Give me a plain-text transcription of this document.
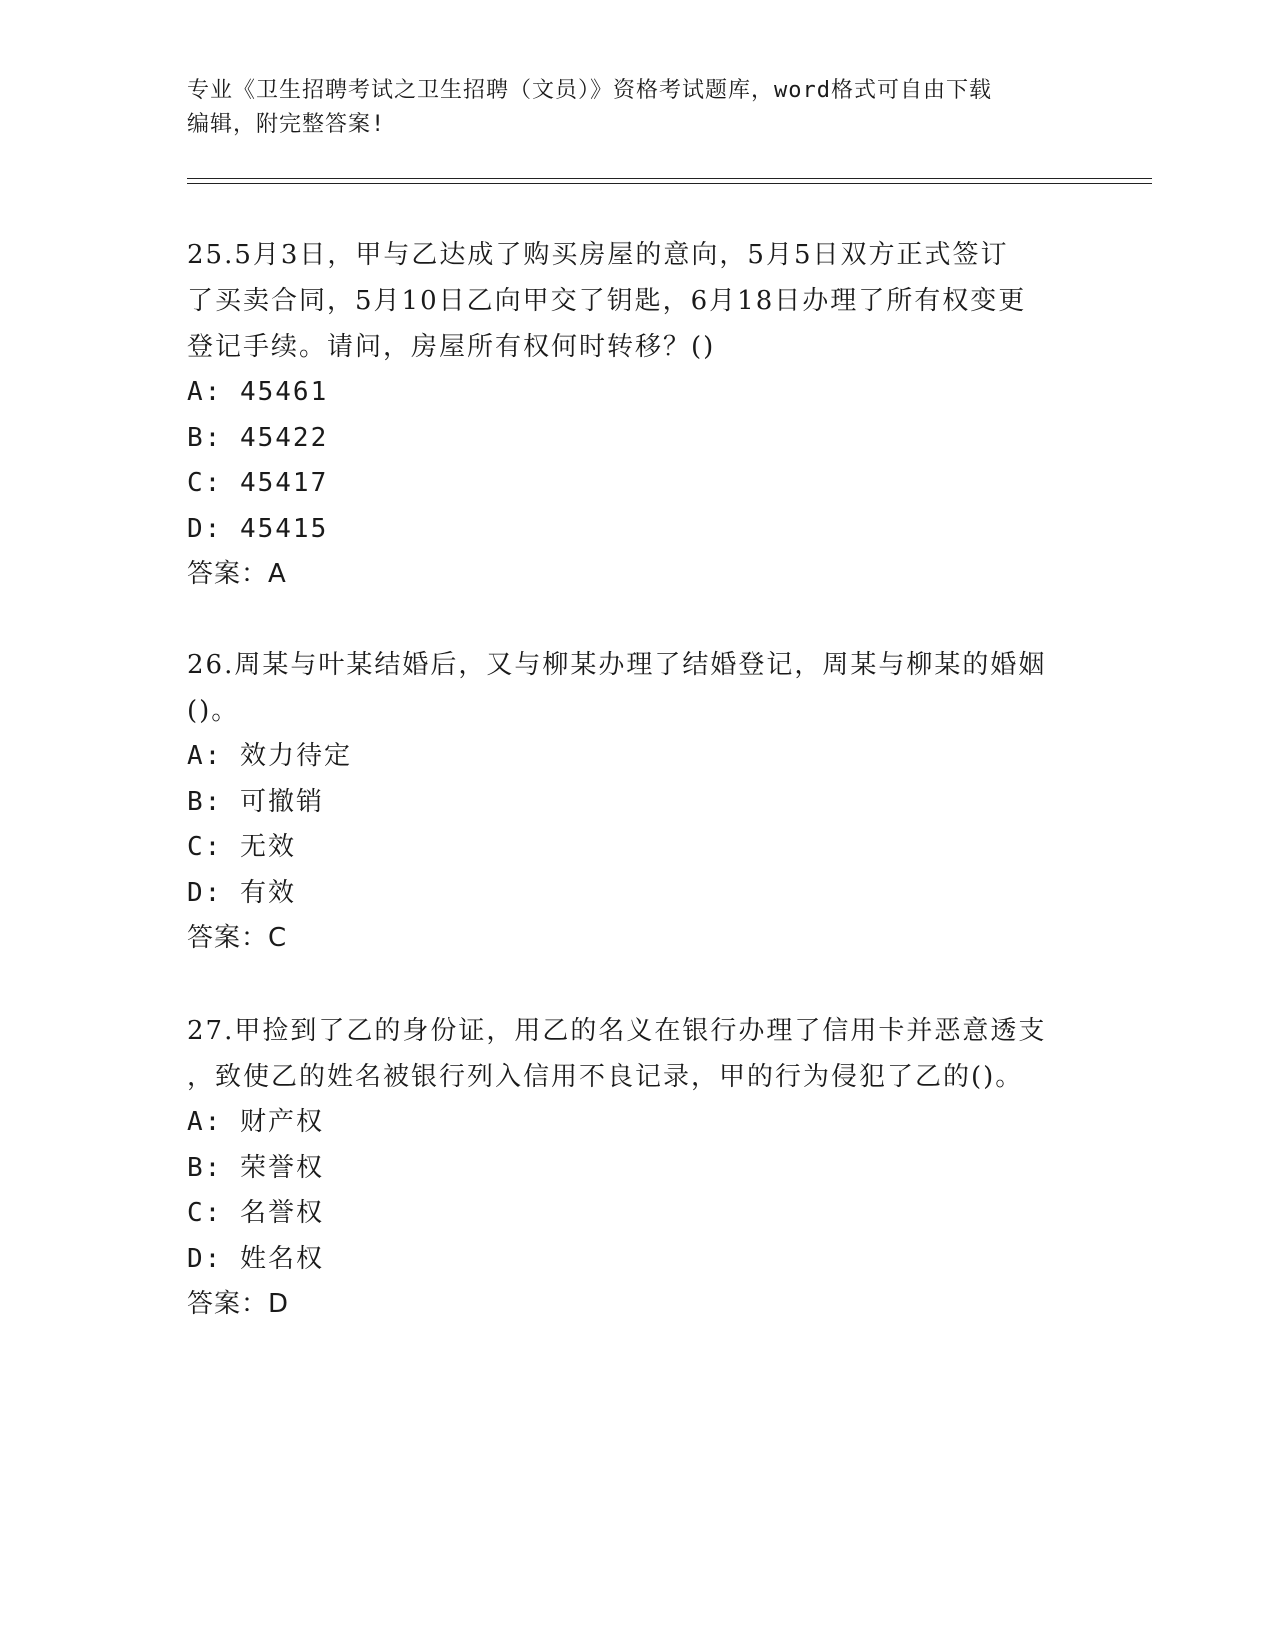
专业《卫生招聘考试之卫生招聘（文员）》资格考试题库，word格式可自由下载
编辑，附完整答案!

25.5月3日，甲与乙达成了购买房屋的意向，5月5日双方正式签订

了买卖合同，5月10日乙向甲交了钥匙，6月18日办理了所有权变更

登记手续。请问，房屋所有权何时转移？()

A: 45461

B: 45422

C: 45417

D: 45415

答案：A

26.周某与叶某结婚后，又与柳某办理了结婚登记，周某与柳某的婚姻

()。

A: 效力待定

B: 可撤销

C: 无效

D: 有效

答案：C

27.甲捡到了乙的身份证，用乙的名义在银行办理了信用卡并恶意透支

，致使乙的姓名被银行列入信用不良记录，甲的行为侵犯了乙的()。

A: 财产权

B: 荣誉权

C: 名誉权

D: 姓名权

答案：D
